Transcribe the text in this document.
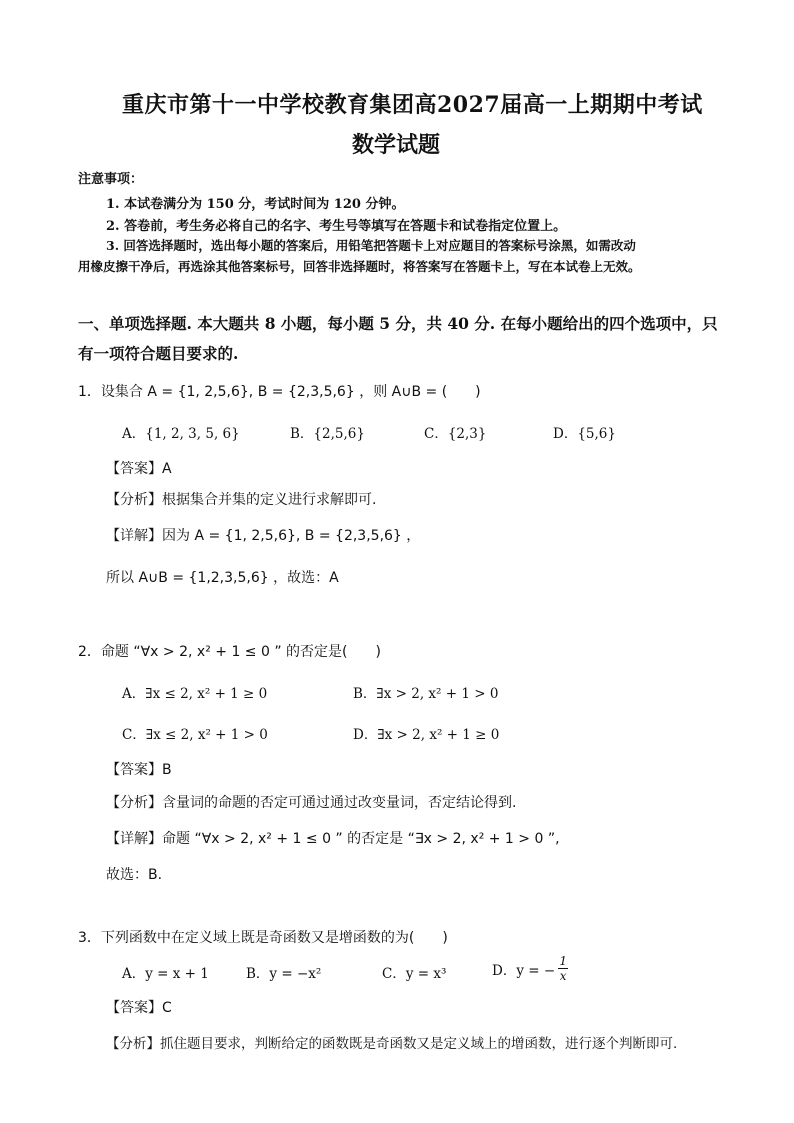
重庆市第十一中学校教育集团高2027届高一上期期中考试
数学试题
注意事项：
1. 本试卷满分为 150 分，考试时间为 120 分钟。
2. 答卷前，考生务必将自己的名字、考生号等填写在答题卡和试卷指定位置上。
3. 回答选择题时，选出每小题的答案后，用铅笔把答题卡上对应题目的答案标号涂黑，如需改动
用橡皮擦干净后，再选涂其他答案标号，回答非选择题时，将答案写在答题卡上，写在本试卷上无效。
一、单项选择题. 本大题共 8 小题，每小题 5 分，共 40 分. 在每小题给出的四个选项中，只
有一项符合题目要求的.
1．设集合 A = {1, 2,5,6}, B = {2,3,5,6} ，则 A∪B = (　　)
A．{1, 2, 3, 5, 6}	B．{2,5,6}	C．{2,3}	D．{5,6}
【答案】A
【分析】根据集合并集的定义进行求解即可.
【详解】因为 A = {1, 2,5,6}, B = {2,3,5,6} ，
所以 A∪B = {1,2,3,5,6} ，故选：A
2．命题 “∀x > 2, x² + 1 ≤ 0 ” 的否定是(　　)
A．∃x ≤ 2, x² + 1 ≥ 0	B．∃x > 2, x² + 1 > 0
C．∃x ≤ 2, x² + 1 > 0	D．∃x > 2, x² + 1 ≥ 0
【答案】B
【分析】含量词的命题的否定可通过通过改变量词，否定结论得到.
【详解】命题 “∀x > 2, x² + 1 ≤ 0 ” 的否定是 “∃x > 2, x² + 1 > 0 ”,
故选：B.
3．下列函数中在定义域上既是奇函数又是增函数的为(　　)
A．y = x + 1	B．y = −x²	C．y = x³	D．y = − $\frac{1}{x}$
【答案】C
【分析】抓住题目要求，判断给定的函数既是奇函数又是定义域上的增函数，进行逐个判断即可.
